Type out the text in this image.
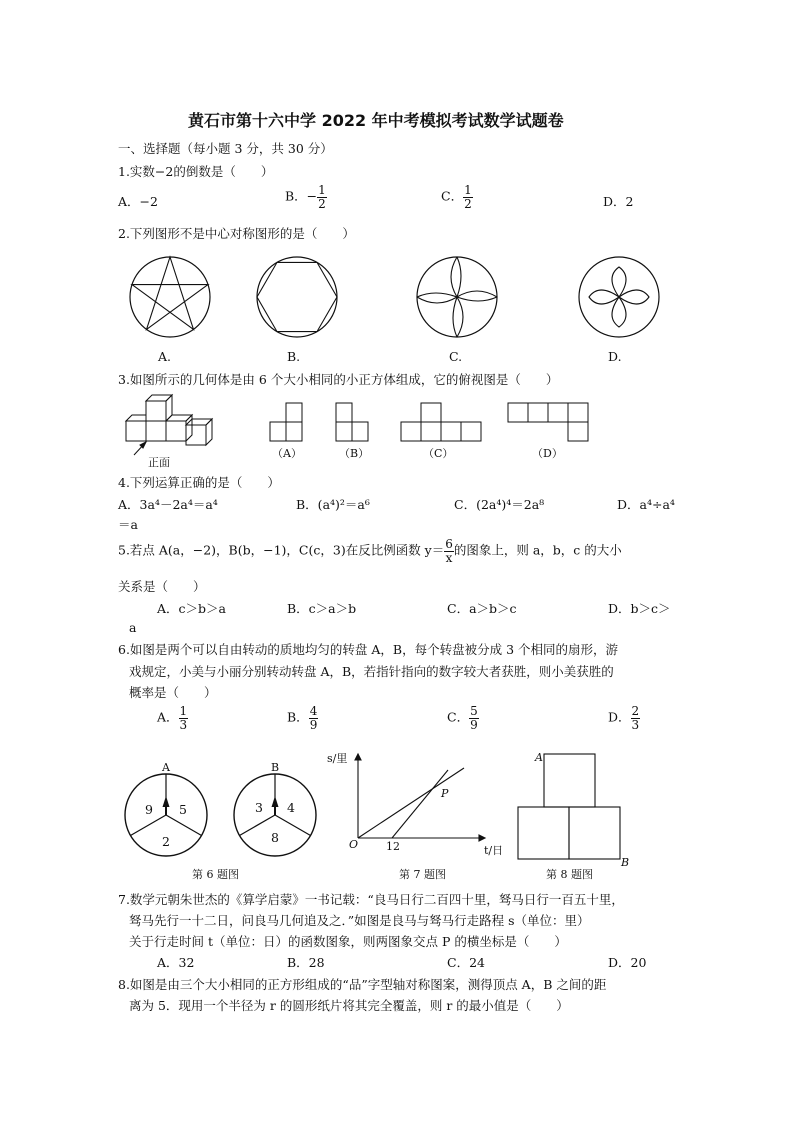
黄石市第十六中学 2022 年中考模拟考试数学试题卷
一、选择题（每小题 3 分，共 30 分）
1.实数−2的倒数是（　　）
A．−2	B．− $\frac{1}{2}$	C． $\frac{1}{2}$	D．2
2.下列图形不是中心对称图形的是（　　）
A.	B.	C.	D.
3.如图所示的几何体是由 6 个大小相同的小正方体组成，它的俯视图是（　　）
正面
（A）	（B）	（C）	（D）
4.下列运算正确的是（　　）
A．3a⁴－2a⁴＝a⁴	B．(a⁴)²＝a⁶	C．(2a⁴)⁴＝2a⁸	D．a⁴÷a⁴
＝a
5.若点 A(a，−2)，B(b，−1)，C(c，3)在反比例函数 $y= \frac{6}{x}$ 的图象上，则 a，b，c 的大小
关系是（　　）
A．c＞b＞a	B．c＞a＞b	C．a＞b＞c	D．b＞c＞
a
6.如图是两个可以自由转动的质地均匀的转盘 A，B，每个转盘被分成 3 个相同的扇形，游
戏规定，小美与小丽分别转动转盘 A，B，若指针指向的数字较大者获胜，则小美获胜的
概率是（　　）
A． $\frac{1}{3}$	B． $\frac{4}{9}$	C． $\frac{5}{9}$	D． $\frac{2}{3}$
A
9 5
2
B
3 4
8
第 6 题图
s/里
t/日
O	12
P
第 7 题图
A
B
第 8 题图
7.数学元朝朱世杰的《算学启蒙》一书记载：“良马日行二百四十里，驽马日行一百五十里，
驽马先行一十二日，问良马几何追及之．”如图是良马与驽马行走路程 s（单位：里）
关于行走时间 t（单位：日）的函数图象，则两图象交点 P 的横坐标是（　　）
A．32	B．28	C．24	D．20
8.如图是由三个大小相同的正方形组成的“品”字型轴对称图案，测得顶点 A，B 之间的距
离为 5．现用一个半径为 r 的圆形纸片将其完全覆盖，则 r 的最小值是（　　）
